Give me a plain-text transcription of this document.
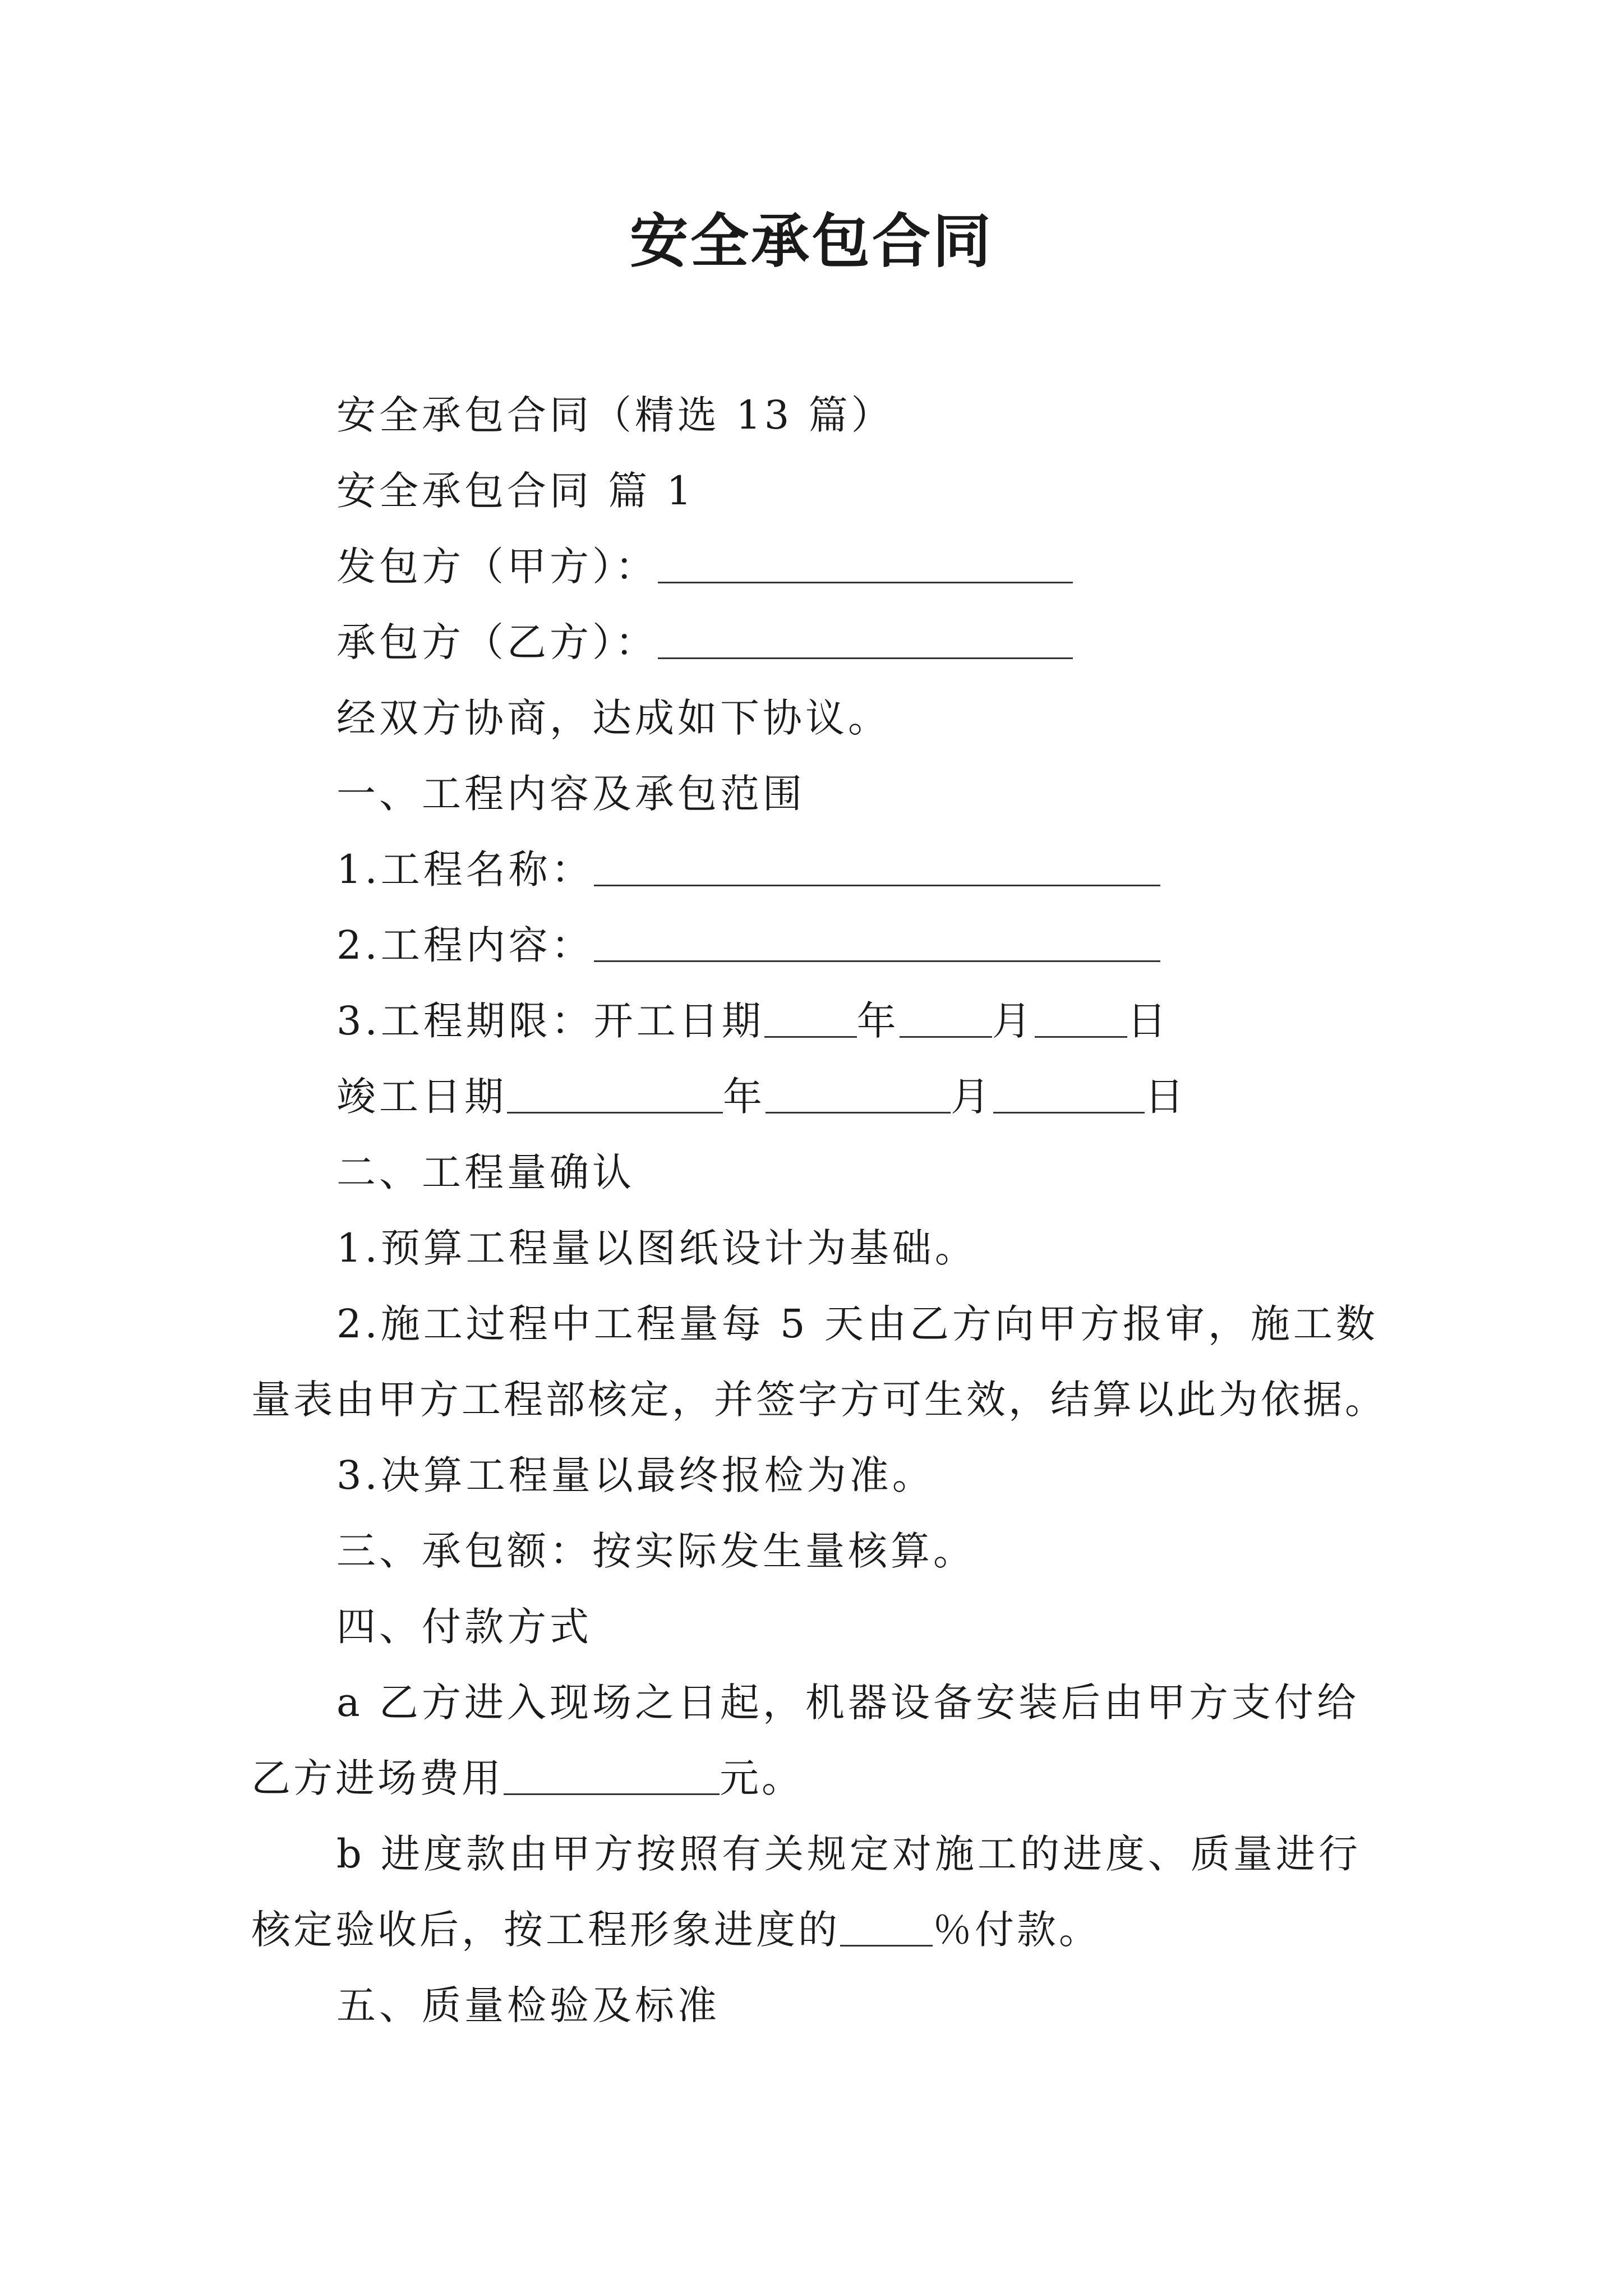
安全承包合同
安全承包合同（精选 13 篇）
安全承包合同 篇 1
发包方（甲方）：
承包方（乙方）：
经双方协商，达成如下协议。
一、工程内容及承包范围
1.工程名称：
2.工程内容：
3.工程期限：开工日期 年 月 日
竣工日期	年	月	日
二、工程量确认
1.预算工程量以图纸设计为基础。
2.施工过程中工程量每 5 天由乙方向甲方报审，施工数
量表由甲方工程部核定，并签字方可生效，结算以此为依据。
3.决算工程量以最终报检为准。
三、承包额：按实际发生量核算。
四、付款方式
a 乙方进入现场之日起，机器设备安装后由甲方支付给
乙方进场费用	元。
b 进度款由甲方按照有关规定对施工的进度、质量进行
核定验收后，按工程形象进度的 ％付款。
五、质量检验及标准
